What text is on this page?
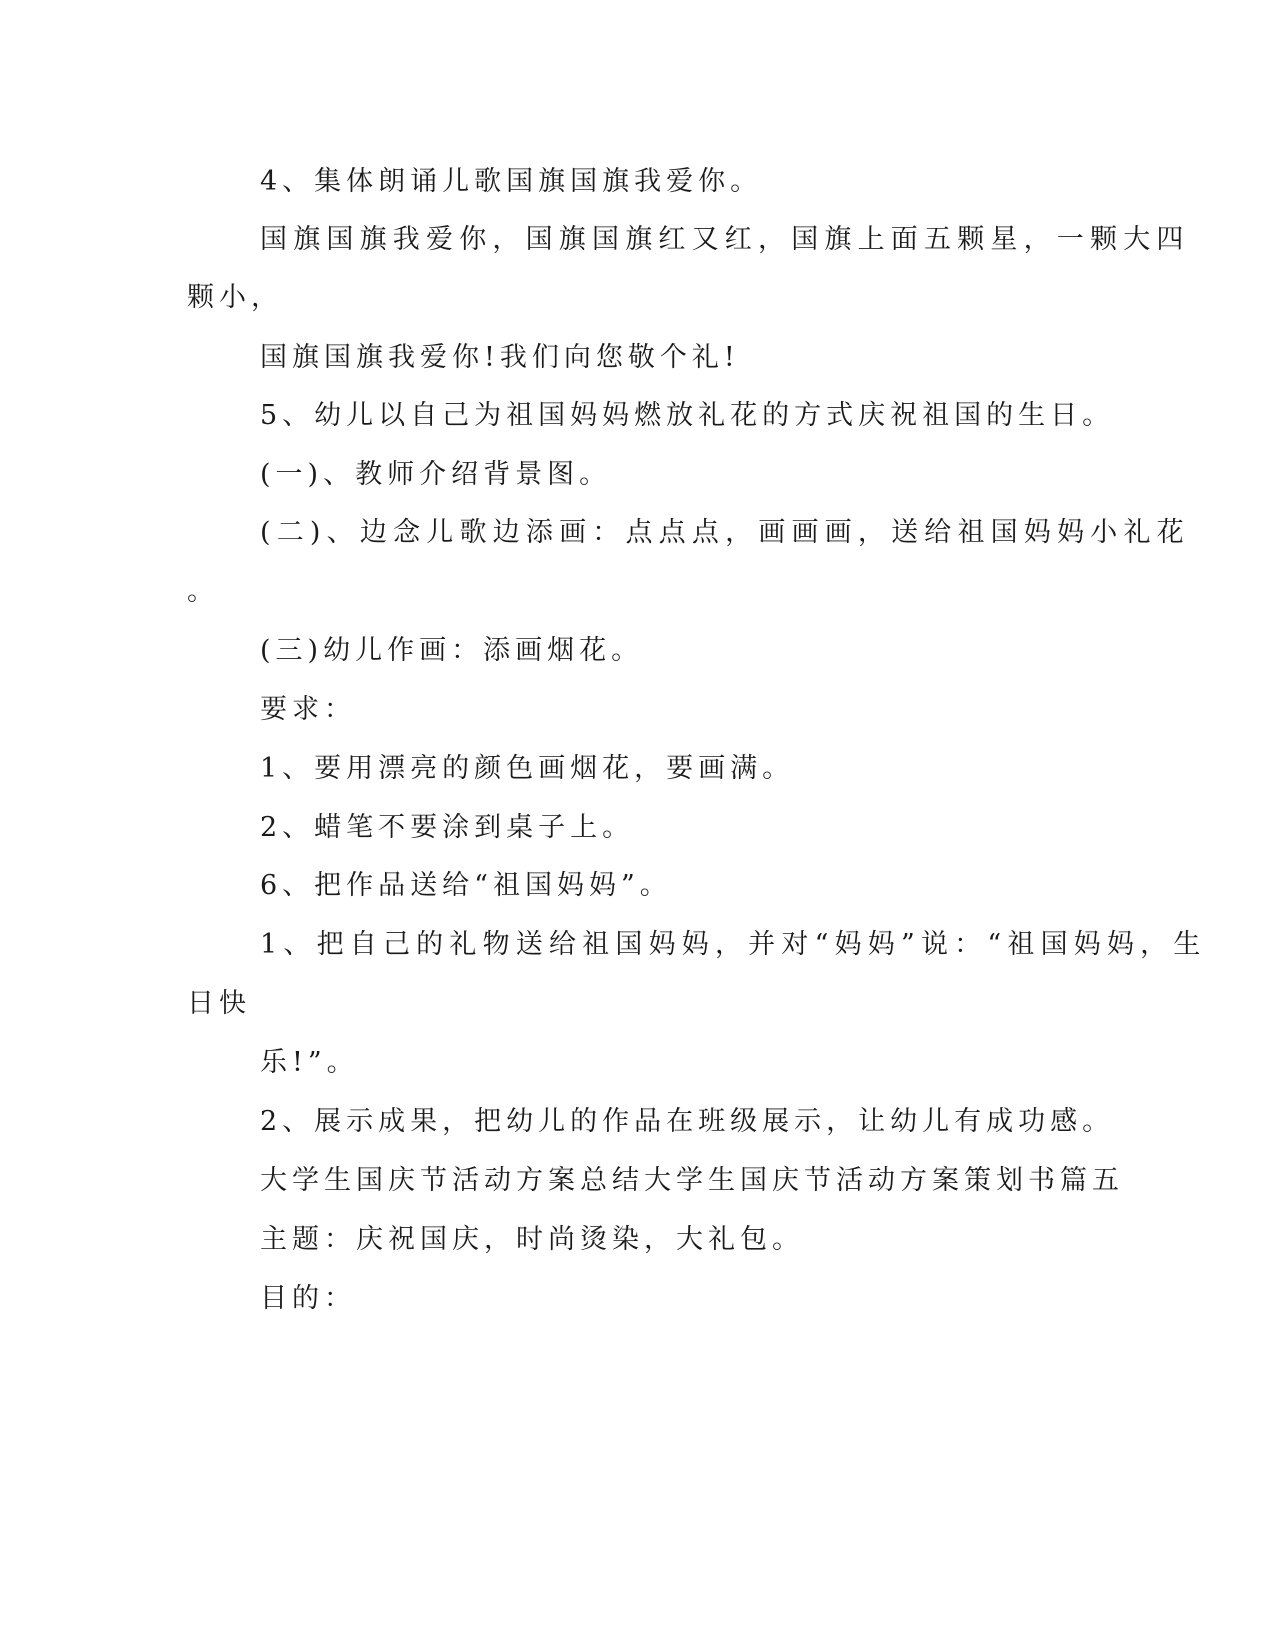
4、集体朗诵儿歌国旗国旗我爱你。
国旗国旗我爱你，国旗国旗红又红，国旗上面五颗星，一颗大四
颗小，
国旗国旗我爱你!我们向您敬个礼!
5、幼儿以自己为祖国妈妈燃放礼花的方式庆祝祖国的生日。
(一)、教师介绍背景图。
(二)、边念儿歌边添画：点点点，画画画，送给祖国妈妈小礼花
。
(三)幼儿作画：添画烟花。
要求：
1、要用漂亮的颜色画烟花，要画满。
2、蜡笔不要涂到桌子上。
6、把作品送给“祖国妈妈”。
1、把自己的礼物送给祖国妈妈，并对“妈妈”说：“祖国妈妈，生
日快
乐!”。
2、展示成果，把幼儿的作品在班级展示，让幼儿有成功感。
大学生国庆节活动方案总结大学生国庆节活动方案策划书篇五
主题：庆祝国庆，时尚烫染，大礼包。
目的：
